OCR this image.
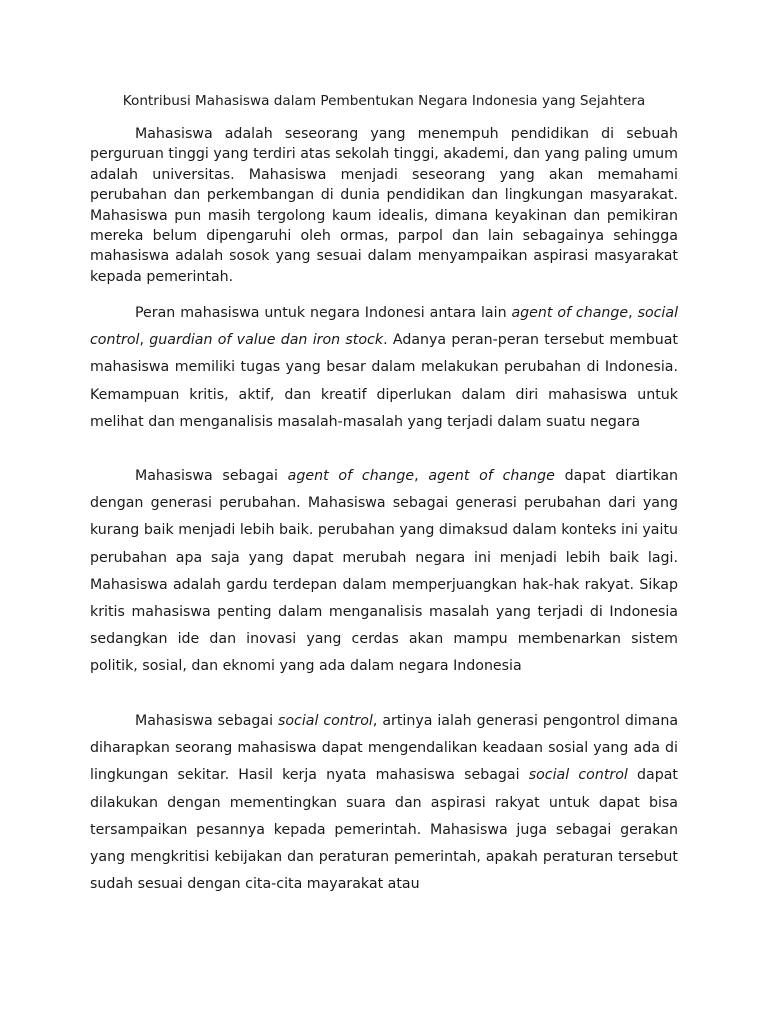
Kontribusi Mahasiswa dalam Pembentukan Negara Indonesia yang Sejahtera

Mahasiswa adalah seseorang yang menempuh pendidikan di sebuah perguruan tinggi yang terdiri atas sekolah tinggi, akademi, dan yang paling umum adalah universitas. Mahasiswa menjadi seseorang yang akan memahami perubahan dan perkembangan di dunia pendidikan dan lingkungan masyarakat. Mahasiswa pun masih tergolong kaum idealis, dimana keyakinan dan pemikiran mereka belum dipengaruhi oleh ormas, parpol dan lain sebagainya sehingga mahasiswa adalah sosok yang sesuai dalam menyampaikan aspirasi masyarakat kepada pemerintah.

Peran mahasiswa untuk negara Indonesi antara lain agent of change, social control, guardian of value dan iron stock. Adanya peran-peran tersebut membuat mahasiswa memiliki tugas yang besar dalam melakukan perubahan di Indonesia. Kemampuan kritis, aktif, dan kreatif diperlukan dalam diri mahasiswa untuk melihat dan menganalisis masalah-masalah yang terjadi dalam suatu negara

Mahasiswa sebagai agent of change, agent of change dapat diartikan dengan generasi perubahan. Mahasiswa sebagai generasi perubahan dari yang kurang baik menjadi lebih baik. perubahan yang dimaksud dalam konteks ini yaitu perubahan apa saja yang dapat merubah negara ini menjadi lebih baik lagi. Mahasiswa adalah gardu terdepan dalam memperjuangkan hak-hak rakyat. Sikap kritis mahasiswa penting dalam menganalisis masalah yang terjadi di Indonesia sedangkan ide dan inovasi yang cerdas akan mampu membenarkan sistem politik, sosial, dan eknomi yang ada dalam negara Indonesia

Mahasiswa sebagai social control, artinya ialah generasi pengontrol dimana diharapkan seorang mahasiswa dapat mengendalikan keadaan sosial yang ada di lingkungan sekitar. Hasil kerja nyata mahasiswa sebagai social control dapat dilakukan dengan mementingkan suara dan aspirasi rakyat untuk dapat bisa tersampaikan pesannya kepada pemerintah. Mahasiswa juga sebagai gerakan yang mengkritisi kebijakan dan peraturan pemerintah, apakah peraturan tersebut sudah sesuai dengan cita-cita mayarakat atau
